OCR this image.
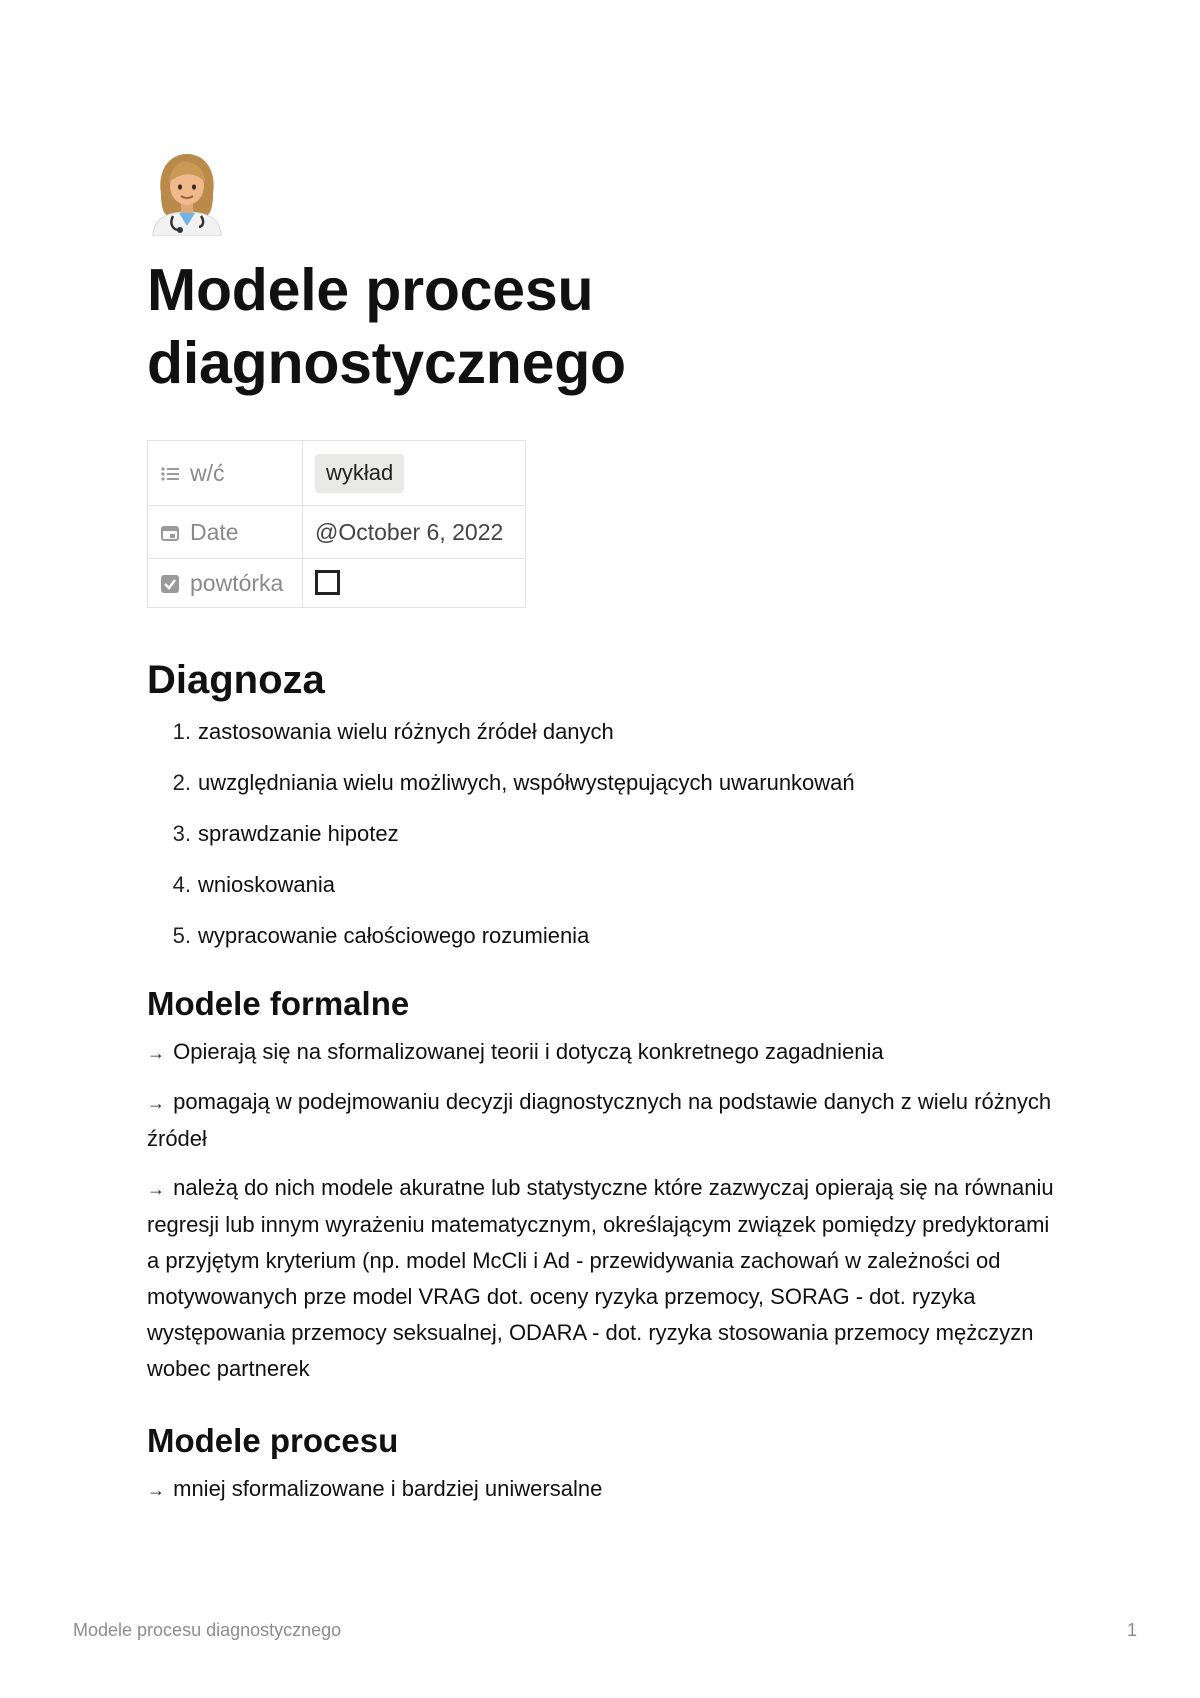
Modele procesu diagnostycznego
w/ć	wykład
Date	@October 6, 2022
powtórka	
Diagnoza
1. zastosowania wielu różnych źródeł danych
2. uwzględniania wielu możliwych, współwystępujących uwarunkowań
3. sprawdzanie hipotez
4. wnioskowania
5. wypracowanie całościowego rozumienia
Modele formalne

→ Opierają się na sformalizowanej teorii i dotyczą konkretnego zagadnienia

→ pomagają w podejmowaniu decyzji diagnostycznych na podstawie danych z wielu różnych źródeł

→ należą do nich modele akuratne lub statystyczne które zazwyczaj opierają się na równaniu regresji lub innym wyrażeniu matematycznym, określającym związek pomiędzy predyktorami a przyjętym kryterium (np. model McCli i Ad - przewidywania zachowań w zależności od motywowanych prze model VRAG dot. oceny ryzyka przemocy, SORAG - dot. ryzyka występowania przemocy seksualnej, ODARA - dot. ryzyka stosowania przemocy mężczyzn wobec partnerek

Modele procesu

→ mniej sformalizowane i bardziej uniwersalne

Modele procesu diagnostycznego	1
